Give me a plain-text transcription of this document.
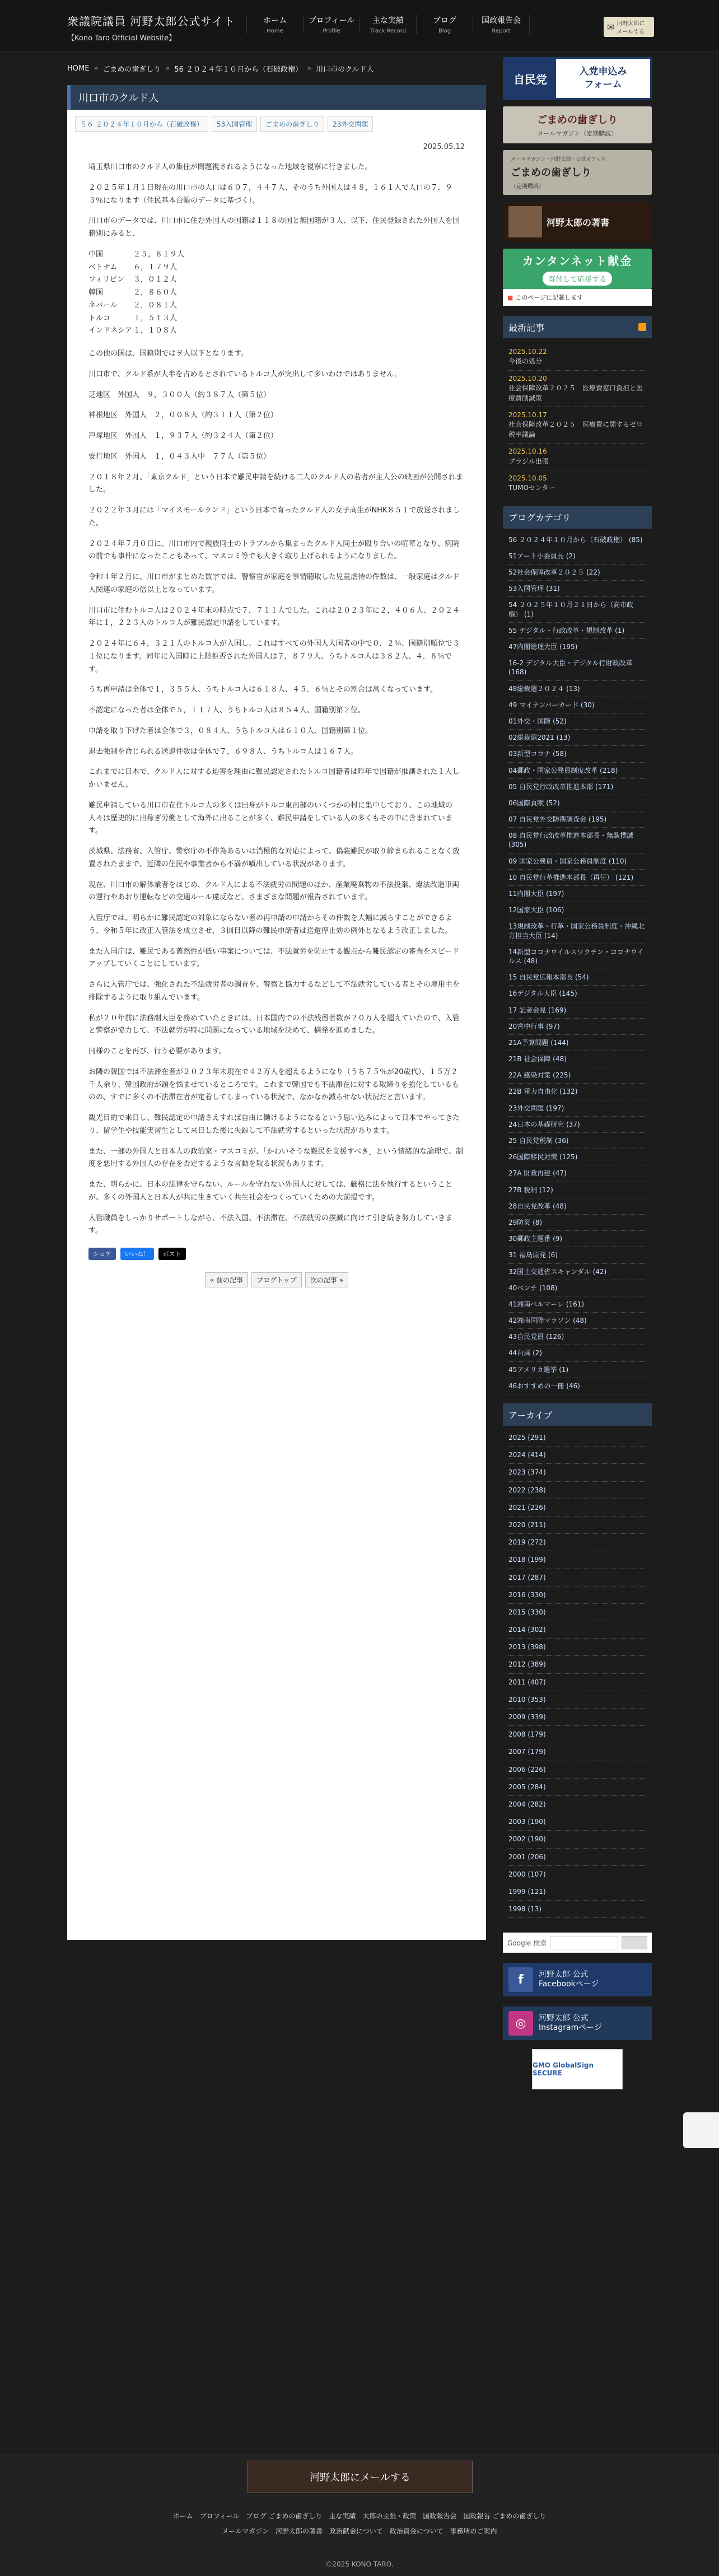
衆議院議員 河野太郎公式サイト
【Kono Taro Official Website】
ホーム
Home
プロフィール
Profile
主な実績
Track Record
ブログ
Blog
国政報告会
Report	✉ 河野太郎に メールする
HOME » ごまめの歯ぎしり » 56 ２０２４年１０月から（石破政権） » 川口市のクルド人
川口市のクルド人
５６ ２０２４年１０月から（石破政権）	53入国管理	ごまめの歯ぎしり	23外交問題
2025.05.12

埼玉県川口市のクルド人の集住が問題視されるようになった地域を視察に行きました。

２０２５年１月１日現在の川口市の人口は６０７，４４７人、そのうち外国人は４８，１６１人で人口の７．９３％になります（住民基本台帳のデータに基づく）。

川口市のデータでは、川口市に住む外国人の国籍は１１８の国と無国籍が３人、以下、住民登録された外国人を国籍別にみると、

中国	２５，８１９人
ベトナム	６，１７９人
フィリピン	３，０１２人
韓国	２，８６０人
ネパール	２，０８１人
トルコ	１，５１３人
インドネシア １，１０８人

この他の国は、国籍別ではヲ人以下となります。

川口市で、クルド系が大半を占めるとされているトルコ人が突出して多いわけではありません。

芝地区　外国人　９，３００人（約３８７人（第５位）

神根地区　外国人　２，００８人（約３１１人（第２位）

戸塚地区　外国人　１，９３７人（約３２４人（第２位）

安行地区　外国人　１，０４３人中　７７人（第５位）

２０１８年２月、「東京クルド」という日本で難民申請を続ける二人のクルド人の若者が主人公の映画が公開されました。

２０２２年３月には「マイスモールランド」という日本で育ったクルド人の女子高生がNHK８５１で放送されました。

２０２４年７月０日に、川口市内で親族同士のトラブルから集まったクルド人同士が殴り合いの喧嘩となり、病院の前でも事件になったこともあって、マスコミ等でも大きく取り上げられるようになりました。

令和４年２月に、川口市がまとめた数字では、警察官が家庭を事情聴取した児童虐待の件数は、一般家庭はクルド人関連の家庭の倍以上となっています。

川口市に住むトルコ人は２０２４年末の時点で７，７１１人でした。これは２０２３年に２，４０６人、２０２４年に１，２２３人のトルコ人が難民認定申請をしています。

２０２４年に６４，３２１人のトルコ人が入国し、これはすべての外国人入国者の中で０．２％、国籍別順位で３１位になります。同年に入国時に上陸拒否された外国人は７，８７９人、うちトルコ人は３８２人、４．８％です。

うち再申請は全体で１，３５５人、うちトルコ人は６１８人、４５．６％とその割合は高くなっています。

不認定になった者は全体で５，１１７人、うちトルコ人は８５４人、国籍別第２位。

申請を取り下げた者は全体で３，０８４人、うちトルコ人は６１０人、国籍別第１位。

退去強制を命じられる送還件数は全体で７，６９８人、うちトルコ人は１６７人。

これまでに日本で、クルド人に対する迫害を理由に難民認定されたトルコ国籍者は昨年で国籍が推測された１人しかいません。

難民申請している川口市在住トルコ人の多くは出身がトルコ東南部のいくつかの村に集中しており、この地域の人々は歴史的に出稼ぎ労働として海外に出ることが多く、難民申請をしている人の多くもその中に含まれています。

茨城県、法務省、入管庁、警察庁の不作為あるいは消極的な対応によって、偽装難民が取り締まられることなく放置されたままで、近隣の住民や事業者から不満が噴出している状況があります。

現在、川口市の解体業者をはじめ、クルド人による不法就労の問題のほか、産業廃棄物の不法投棄、違法改造車両の運行やあおり運転などの交通ルール違反など、さまざまな問題が報告されています。

入管庁では、明らかに難民認定の対象にならない者の再申請の申請からその件数を大幅に減らすことができるよう、令和５年に改正入管法を成立させ、３回目以降の難民申請者は送還停止効の例外となるよう改正しました。

また入国庁は、難民である蓋然性が低い事案については、不法就労を防止する観点から難民認定の審査をスピードアップしていくことにしています。

さらに入管庁では、強化された不法就労者の調査を、警察と協力するなどして不法就労している者とその雇用主を排除するように取り組んでいます。

私が２０年前に法務副大臣を務めていたときには、日本国内での不法残留者数が２０万人を超えていたので、入管と警察が協力して、不法就労が特に問題になっている地域を決めて、摘発を進めました。

同様のことを再び、行う必要があります。

お隣の韓国では不法滞在者が２０２３年末現在で４２万人を超えるようになり（うち７５％が20歳代）、１５万２千人余り、韓国政府が頭を悩ませているところです。これまで韓国でも不法滞在に対する取締りを強化しているものの、すでに多くの不法滞在者が定着してしまっている状況で、なかなか減らせない状況だと言います。

観光目的で来日し、難民認定の申請さえすれば自由に働けるようになるという思い込みによって日本でやってきたり、留学生や技能実習生として来日した後に失踪して不法就労するといった状況があります。

また、一部の外国人と日本人の政治家・マスコミが、「かわいそうな難民を支援すべき」という情緒的な論理で、制度を悪用する外国人の存在を否定するような言動を取る状況もあります。

また、明らかに、日本の法律を守らない、ルールを守れない外国人に対しては、厳格に法を執行するということが、多くの外国人と日本人が共に生きていく共生社会をつくっていくための大前提です。

入管職員をしっかりサポートしながら、不法入国、不法滞在、不法就労の撲滅に向けて引き続き努力していきます。

シェア	いいね！	ポスト
« 前の記事	ブログトップ	次の記事 »
自民党
入党申込み
フォーム
ごまめの歯ぎしり
メールマガジン（定期購読）
メールマガジン・河野太郎・公式オフィス
ごまめの歯ぎしり
（定期購読）
河野太郎の著書
カンタンネット献金
寄付して応援する
■ このページに記載します
最新記事
2025.10.22
今後の処分
2025.10.20
社会保障改革２０２５　医療費窓口負担と医療費削減策
2025.10.17
社会保障改革２０２５　医療費に関するゼロ税率議論
2025.10.16
ブラジル出張
2025.10.05
TUMOセンター
ブログカテゴリ
56 ２０２４年１０月から（石破政権） (85)
51アート小委員長 (2)
52社会保障改革２０２５ (22)
53入国管理 (31)
54 ２０２５年１０月２１日から（高市政権） (1)
55 デジタル・行政改革・規制改革 (1)
47内閣総理大臣 (195)
16-2 デジタル大臣・デジタル行財政改革 (168)
48総裁選２０２４ (13)
49 マイナンバーカード (30)
01外交・国際 (52)
02総裁選2021 (13)
03新型コロナ (58)
04郵政・国家公務員制度改革 (218)
05 自民党行政改革推進本部 (171)
06国際貢献 (52)
07 自民党外交防衛調査会 (195)
08 自民党行政改革推進本部長・無駄撲滅 (305)
09 国家公務員・国家公務員制度 (110)
10 自民党行革推進本部長（再任） (121)
11内閣大臣 (197)
12国家大臣 (106)
13規制改革・行革・国家公務員制度・沖縄北方担当大臣 (14)
14新型コロナウイルスワクチン・コロナウイルス (48)
15 自民党広報本部長 (54)
16デジタル大臣 (145)
17 記者会見 (169)
20宮中行事 (97)
21A予算問題 (144)
21B 社会保障 (48)
22A 感染対策 (225)
22B 電力自由化 (132)
23外交問題 (197)
24日本の基礎研究 (37)
25 自民党税制 (36)
26国際移民対策 (125)
27A 財政再建 (47)
27B 税制 (12)
28自民党改革 (48)
29防災 (8)
30郵政主題番 (9)
31 福島原発 (6)
32国土交通省スキャンダル (42)
40ベンチ (108)
41湘南ベルマーレ (161)
42湘南国際マラソン (48)
43自民党員 (126)
44台風 (2)
45アメリカ選挙 (1)
46おすすめの一冊 (46)
アーカイブ
2025 (291)
2024 (414)
2023 (374)
2022 (238)
2021 (226)
2020 (211)
2019 (272)
2018 (199)
2017 (287)
2016 (330)
2015 (330)
2014 (302)
2013 (398)
2012 (389)
2011 (407)
2010 (353)
2009 (339)
2008 (179)
2007 (179)
2006 (226)
2005 (284)
2004 (282)
2003 (190)
2002 (190)
2001 (206)
2000 (107)
1999 (121)
1998 (13)
Google 検索
f	河野太郎 公式
Facebookページ
◎	河野太郎 公式
Instagramページ
GMO GlobalSign SECURE
河野太郎にメールする
ホーム プロフィール ブログ ごまめの歯ぎしり 主な実績 太郎の主張・政策 国政報告会 国政報告 ごまめの歯ぎしり
メールマガジン 河野太郎の著書 政治献金について 政治資金について 事務所のご案内
©2025 KONO TARO.
